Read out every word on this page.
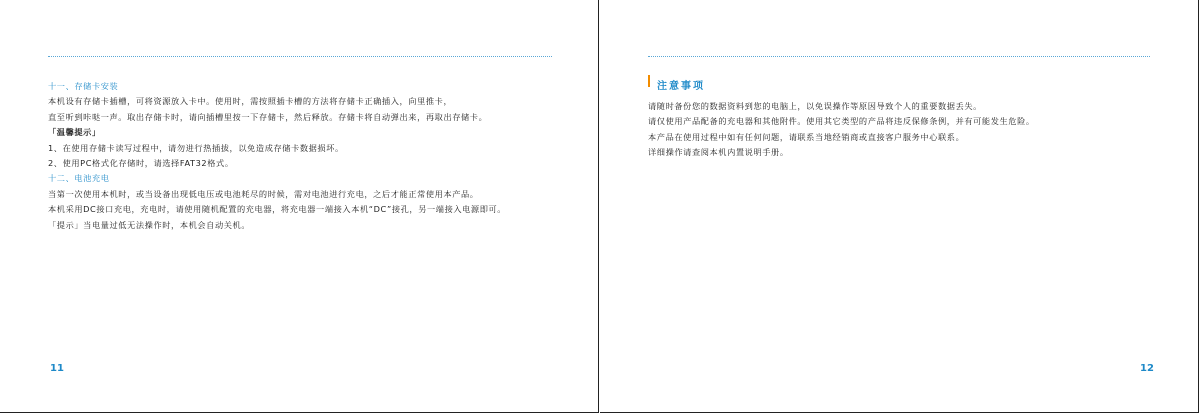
十一、存储卡安装
本机设有存储卡插槽，可将资源放入卡中。使用时，需按照插卡槽的方法将存储卡正确插入，向里推卡，
直至听到咔哒一声。取出存储卡时，请向插槽里按一下存储卡，然后释放。存储卡将自动弹出来，再取出存储卡。
「温馨提示」
1、在使用存储卡读写过程中，请勿进行热插拔，以免造成存储卡数据损坏。
2、使用PC格式化存储时，请选择FAT32格式。
十二、电池充电
当第一次使用本机时，或当设备出现低电压或电池耗尽的时候，需对电池进行充电，之后才能正常使用本产品。
本机采用DC接口充电，充电时，请使用随机配置的充电器，将充电器一端接入本机“DC”接孔，另一端接入电源即可。
「提示」当电量过低无法操作时，本机会自动关机。
11
注意事项
请随时备份您的数据资料到您的电脑上，以免误操作等原因导致个人的重要数据丢失。
请仅使用产品配备的充电器和其他附件。使用其它类型的产品将违反保修条例，并有可能发生危险。
本产品在使用过程中如有任何问题，请联系当地经销商或直接客户服务中心联系。
详细操作请查阅本机内置说明手册。
12
